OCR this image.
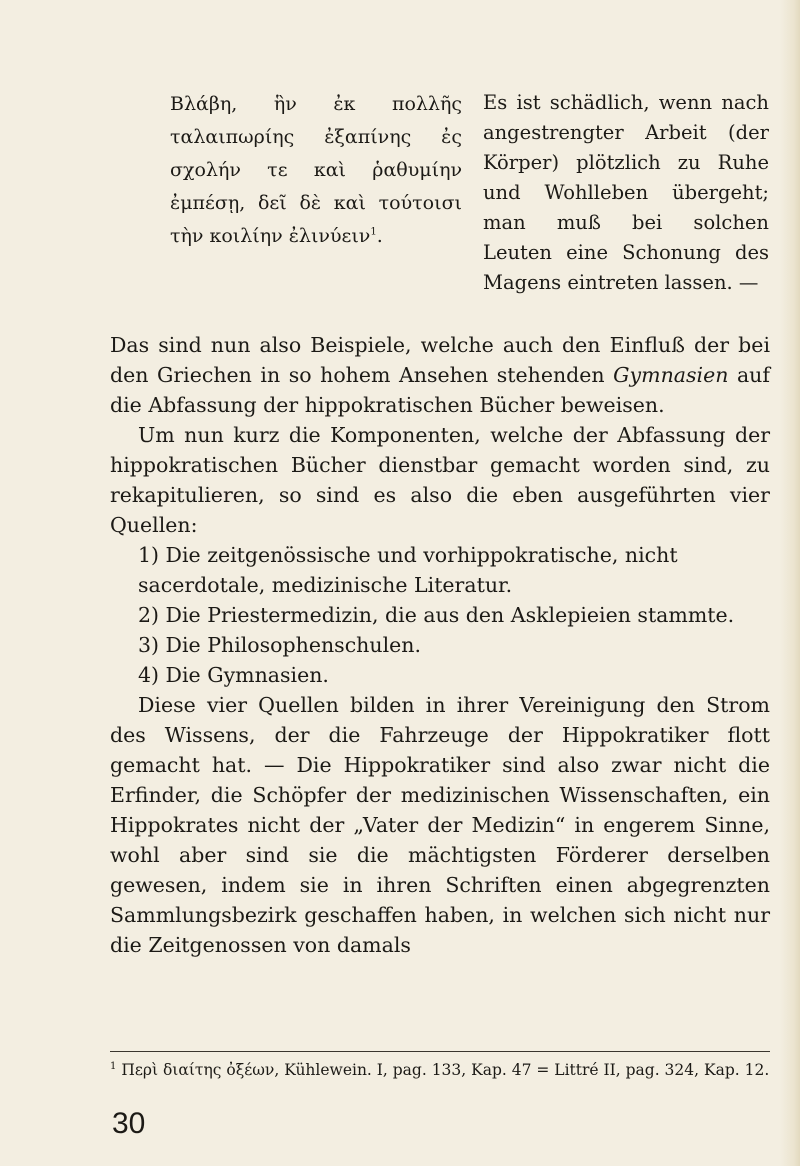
Βλάβη, ἣν ἐκ πολλῆς ταλαιπωρίης ἐξαπίνης ἐς σχολήν τε καὶ ῥαθυμίην ἐμπέσῃ, δεῖ δὲ καὶ τούτοισι τὴν κοιλίην ἐλινύειν$^1$.

Es ist schädlich, wenn nach angestrengter Arbeit (der Körper) plötzlich zu Ruhe und Wohlleben übergeht; man muß bei solchen Leuten eine Schonung des Magens eintreten lassen. —

Das sind nun also Beispiele, welche auch den Einfluß der bei den Griechen in so hohem Ansehen stehenden Gymnasien auf die Abfassung der hippokratischen Bücher beweisen.

Um nun kurz die Komponenten, welche der Abfassung der hippokratischen Bücher dienstbar gemacht worden sind, zu rekapitulieren, so sind es also die eben ausgeführten vier Quellen:

1) Die zeitgenössische und vorhippokratische, nicht sacerdotale, medizinische Literatur.

2) Die Priestermedizin, die aus den Asklepieien stammte.

3) Die Philosophenschulen.

4) Die Gymnasien.

Diese vier Quellen bilden in ihrer Vereinigung den Strom des Wissens, der die Fahrzeuge der Hippokratiker flott gemacht hat. — Die Hippokratiker sind also zwar nicht die Erfinder, die Schöpfer der medizinischen Wissenschaften, ein Hippokrates nicht der „Vater der Medizin“ in engerem Sinne, wohl aber sind sie die mächtigsten Förderer derselben gewesen, indem sie in ihren Schriften einen abgegrenzten Sammlungsbezirk geschaffen haben, in welchen sich nicht nur die Zeitgenossen von damals

$^1$ Περὶ διαίτης ὀξέων, Kühlewein. I, pag. 133, Kap. 47 = Littré II, pag. 324, Kap. 12.

30
